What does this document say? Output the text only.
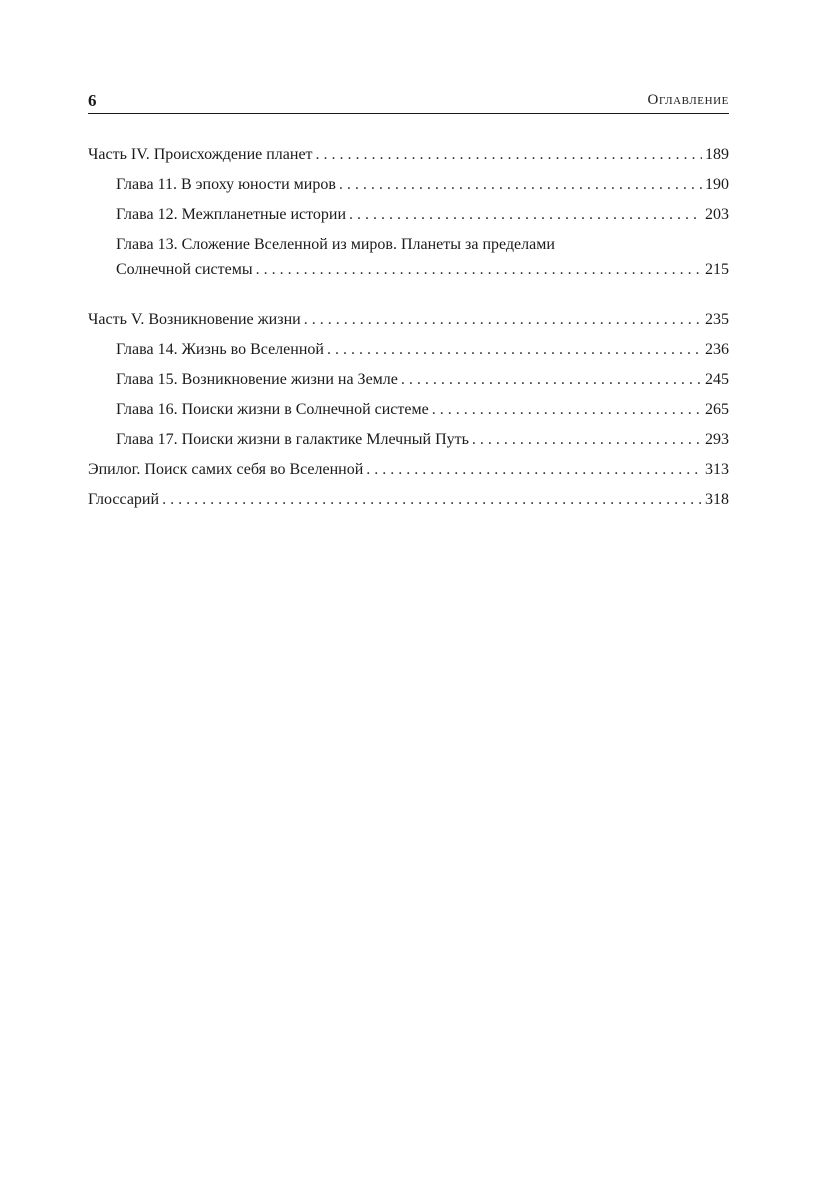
6	Оглавление
Часть IV. Происхождение планет . . .	189
Глава 11. В эпоху юности миров . . .	190
Глава 12. Межпланетные истории . . .	203
Глава 13. Сложение Вселенной из миров. Планеты за пределами
Солнечной системы . . .	215
Часть V. Возникновение жизни . . .	235
Глава 14. Жизнь во Вселенной . . .	236
Глава 15. Возникновение жизни на Земле . . .	245
Глава 16. Поиски жизни в Солнечной системе . . .	265
Глава 17. Поиски жизни в галактике Млечный Путь . . .	293
Эпилог. Поиск самих себя во Вселенной . . .	313
Глоссарий . . .	318
